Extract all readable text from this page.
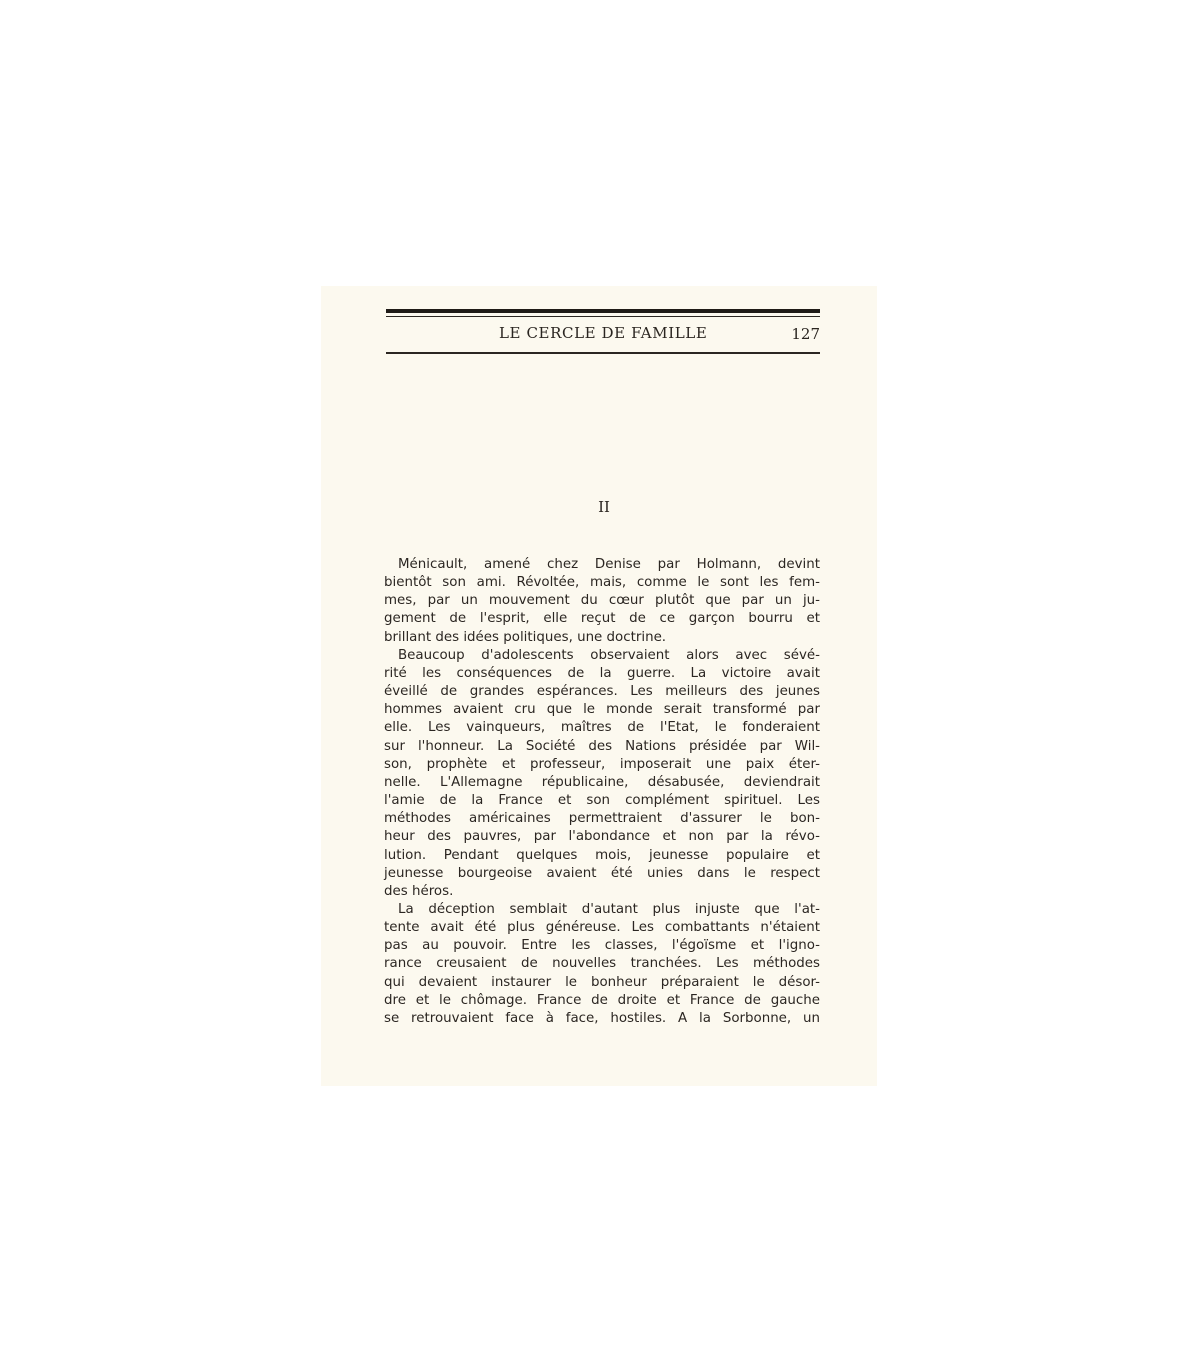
LE CERCLE DE FAMILLE	127
II
Ménicault, amené chez Denise par Holmann, devint
bientôt son ami. Révoltée, mais, comme le sont les fem-
mes, par un mouvement du cœur plutôt que par un ju-
gement de l'esprit, elle reçut de ce garçon bourru et
brillant des idées politiques, une doctrine.
Beaucoup d'adolescents observaient alors avec sévé-
rité les conséquences de la guerre. La victoire avait
éveillé de grandes espérances. Les meilleurs des jeunes
hommes avaient cru que le monde serait transformé par
elle. Les vainqueurs, maîtres de l'Etat, le fonderaient
sur l'honneur. La Société des Nations présidée par Wil-
son, prophète et professeur, imposerait une paix éter-
nelle. L'Allemagne républicaine, désabusée, deviendrait
l'amie de la France et son complément spirituel. Les
méthodes américaines permettraient d'assurer le bon-
heur des pauvres, par l'abondance et non par la révo-
lution. Pendant quelques mois, jeunesse populaire et
jeunesse bourgeoise avaient été unies dans le respect
des héros.
La déception semblait d'autant plus injuste que l'at-
tente avait été plus généreuse. Les combattants n'étaient
pas au pouvoir. Entre les classes, l'égoïsme et l'igno-
rance creusaient de nouvelles tranchées. Les méthodes
qui devaient instaurer le bonheur préparaient le désor-
dre et le chômage. France de droite et France de gauche
se retrouvaient face à face, hostiles. A la Sorbonne, un
